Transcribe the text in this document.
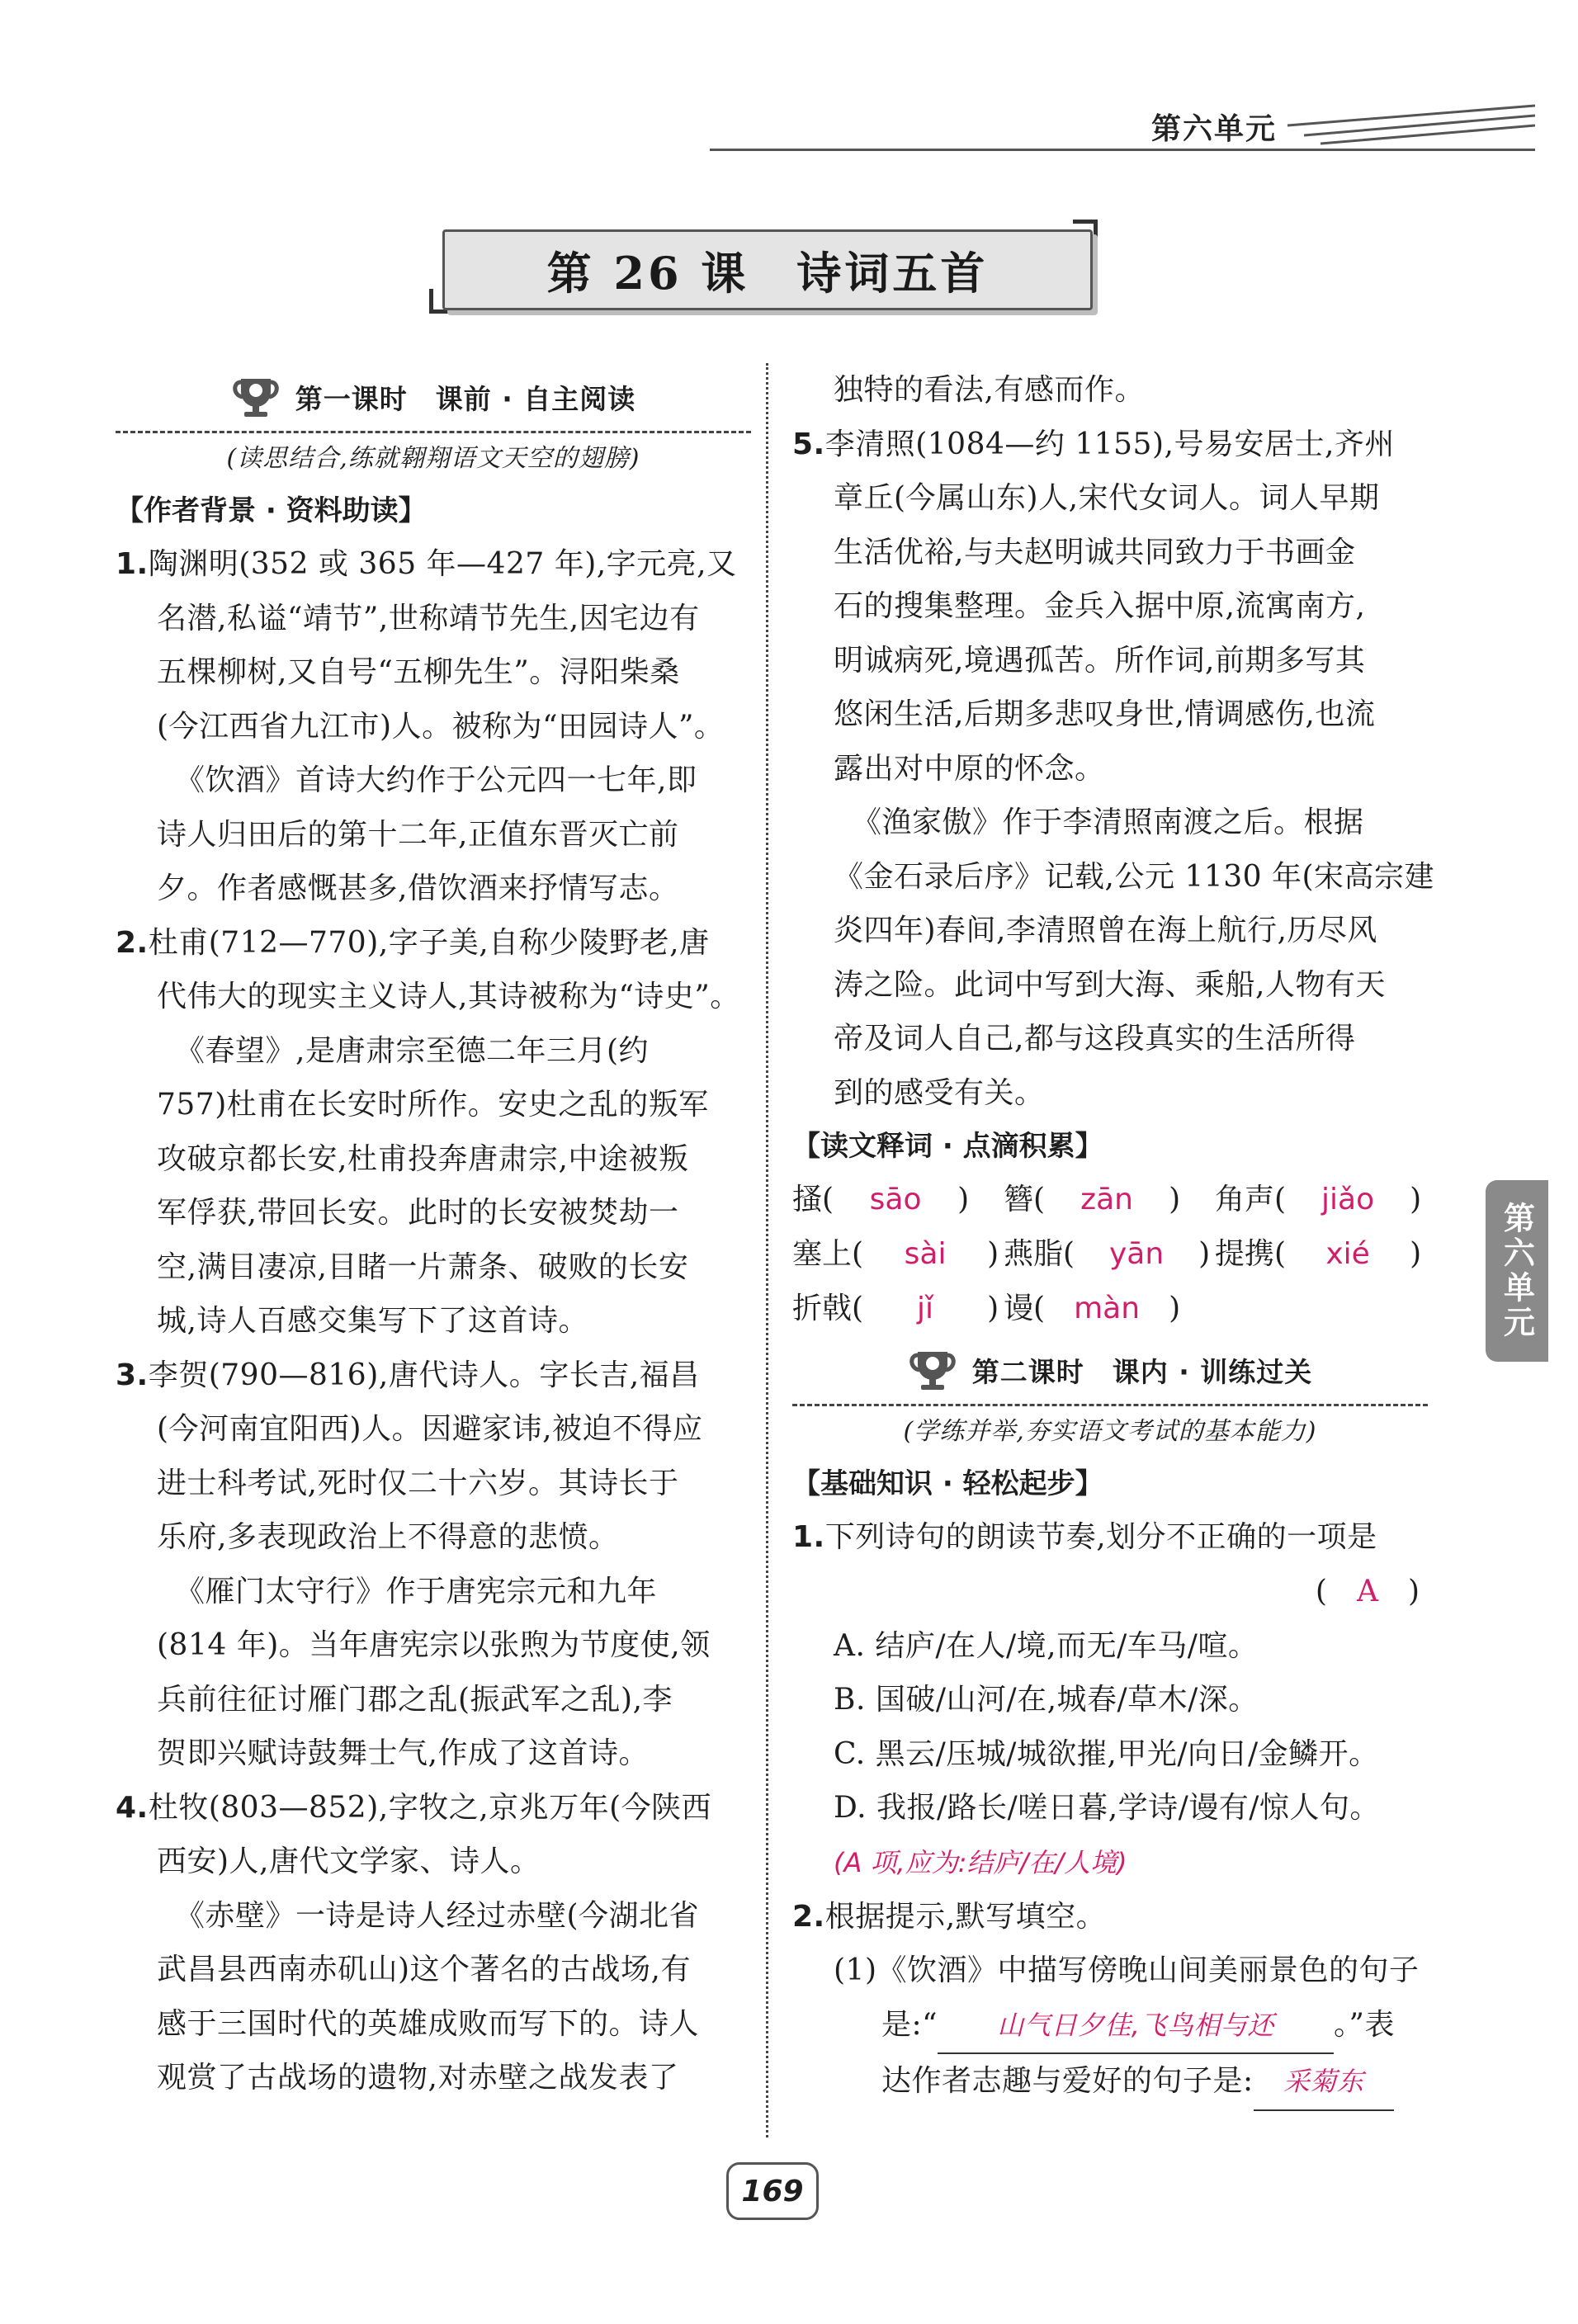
第六单元
第 26 课　诗词五首
第一课时　课前 · 自主阅读
(读思结合,练就翱翔语文天空的翅膀)
【作者背景 · 资料助读】

1.陶渊明(352 或 365 年—427 年),字元亮,又

名潜,私谥“靖节”,世称靖节先生,因宅边有

五棵柳树,又自号“五柳先生”。浔阳柴桑

(今江西省九江市)人。被称为“田园诗人”。

《饮酒》首诗大约作于公元四一七年,即

诗人归田后的第十二年,正值东晋灭亡前

夕。作者感慨甚多,借饮酒来抒情写志。

2.杜甫(712—770),字子美,自称少陵野老,唐

代伟大的现实主义诗人,其诗被称为“诗史”。

《春望》,是唐肃宗至德二年三月(约

757)杜甫在长安时所作。安史之乱的叛军

攻破京都长安,杜甫投奔唐肃宗,中途被叛

军俘获,带回长安。此时的长安被焚劫一

空,满目凄凉,目睹一片萧条、破败的长安

城,诗人百感交集写下了这首诗。

3.李贺(790—816),唐代诗人。字长吉,福昌

(今河南宜阳西)人。因避家讳,被迫不得应

进士科考试,死时仅二十六岁。其诗长于

乐府,多表现政治上不得意的悲愤。

《雁门太守行》作于唐宪宗元和九年

(814 年)。当年唐宪宗以张煦为节度使,领

兵前往征讨雁门郡之乱(振武军之乱),李

贺即兴赋诗鼓舞士气,作成了这首诗。

4.杜牧(803—852),字牧之,京兆万年(今陕西

西安)人,唐代文学家、诗人。

《赤壁》一诗是诗人经过赤壁(今湖北省

武昌县西南赤矶山)这个著名的古战场,有

感于三国时代的英雄成败而写下的。诗人

观赏了古战场的遗物,对赤壁之战发表了

独特的看法,有感而作。

5.李清照(1084—约 1155),号易安居士,齐州

章丘(今属山东)人,宋代女词人。词人早期

生活优裕,与夫赵明诚共同致力于书画金

石的搜集整理。金兵入据中原,流寓南方,

明诚病死,境遇孤苦。所作词,前期多写其

悠闲生活,后期多悲叹身世,情调感伤,也流

露出对中原的怀念。

《渔家傲》作于李清照南渡之后。根据

《金石录后序》记载,公元 1130 年(宋高宗建

炎四年)春间,李清照曾在海上航行,历尽风

涛之险。此词中写到大海、乘船,人物有天

帝及词人自己,都与这段真实的生活所得

到的感受有关。

【读文释词 · 点滴积累】
搔 (	sāo	) 簪 (	zān	) 角声 (	jiǎo	)
塞上 (	sài	) 燕脂 (	yān	) 提携 (	xié	)
折戟 (	jǐ	) 谩 ( màn )
第二课时　课内 · 训练过关
(学练并举,夯实语文考试的基本能力)
【基础知识 · 轻松起步】

1.下列诗句的朗读节奏,划分不正确的一项是

(　A　)

A. 结庐/在人/境,而无/车马/喧。

B. 国破/山河/在,城春/草木/深。

C. 黑云/压城/城欲摧,甲光/向日/金鳞开。

D. 我报/路长/嗟日暮,学诗/谩有/惊人句。

(A 项,应为:结庐/在/人境)

2.根据提示,默写填空。

(1)《饮酒》中描写傍晚山间美丽景色的句子

是:“ 山气日夕佳,飞鸟相与还 。”表

达作者志趣与爱好的句子是: 采菊东

第六单元
169
